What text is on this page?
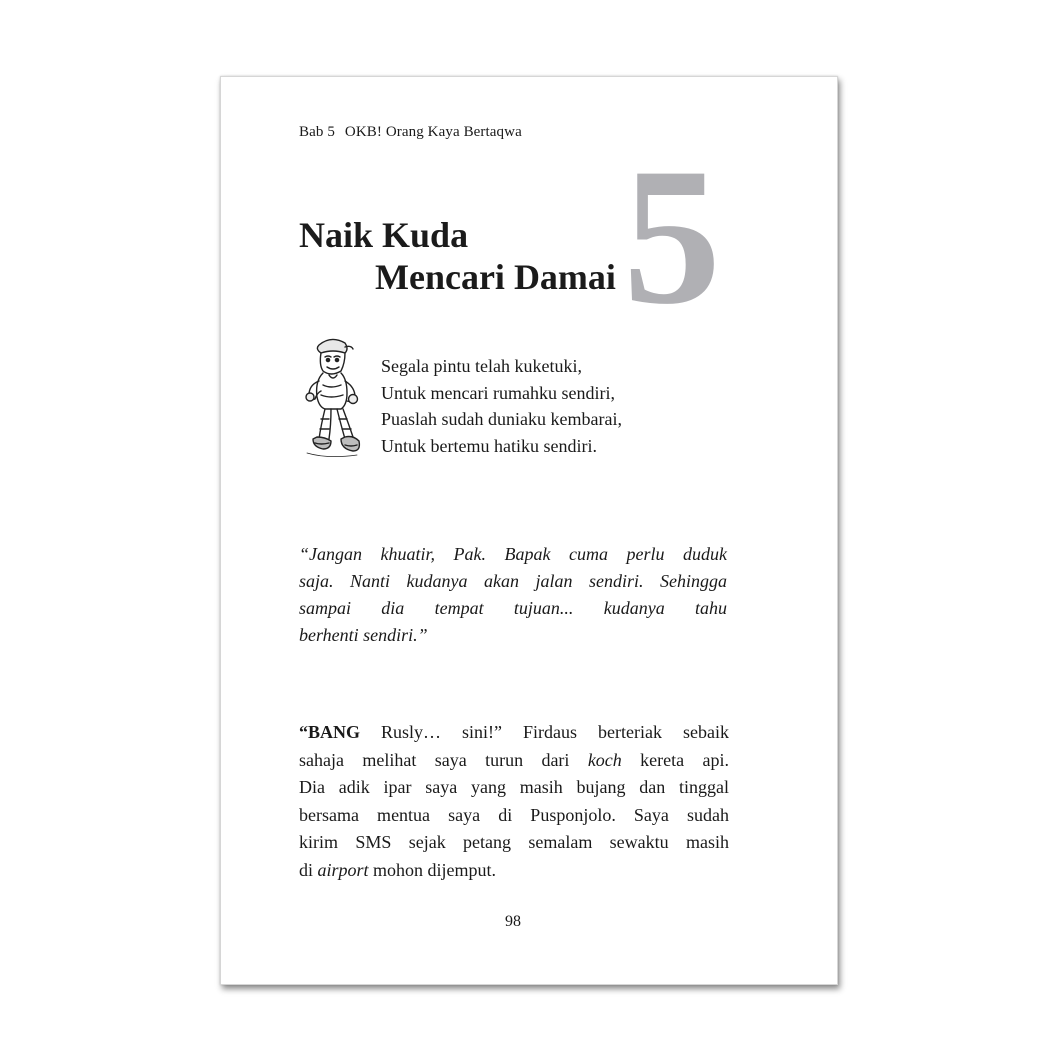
Bab 5 OKB! Orang Kaya Bertaqwa 5
Naik Kuda
Mencari Damai
Segala pintu telah kuketuki,
Untuk mencari rumahku sendiri,
Puaslah sudah duniaku kembarai,
Untuk bertemu hatiku sendiri.
“Jangan khuatir, Pak. Bapak cuma perlu duduk
saja. Nanti kudanya akan jalan sendiri. Sehingga
sampai dia tempat tujuan... kudanya tahu
berhenti sendiri.”
“BANG Rusly… sini!” Firdaus berteriak sebaik
sahaja melihat saya turun dari koch kereta api.
Dia adik ipar saya yang masih bujang dan tinggal
bersama mentua saya di Pusponjolo. Saya sudah
kirim SMS sejak petang semalam sewaktu masih
di airport mohon dijemput.
98
